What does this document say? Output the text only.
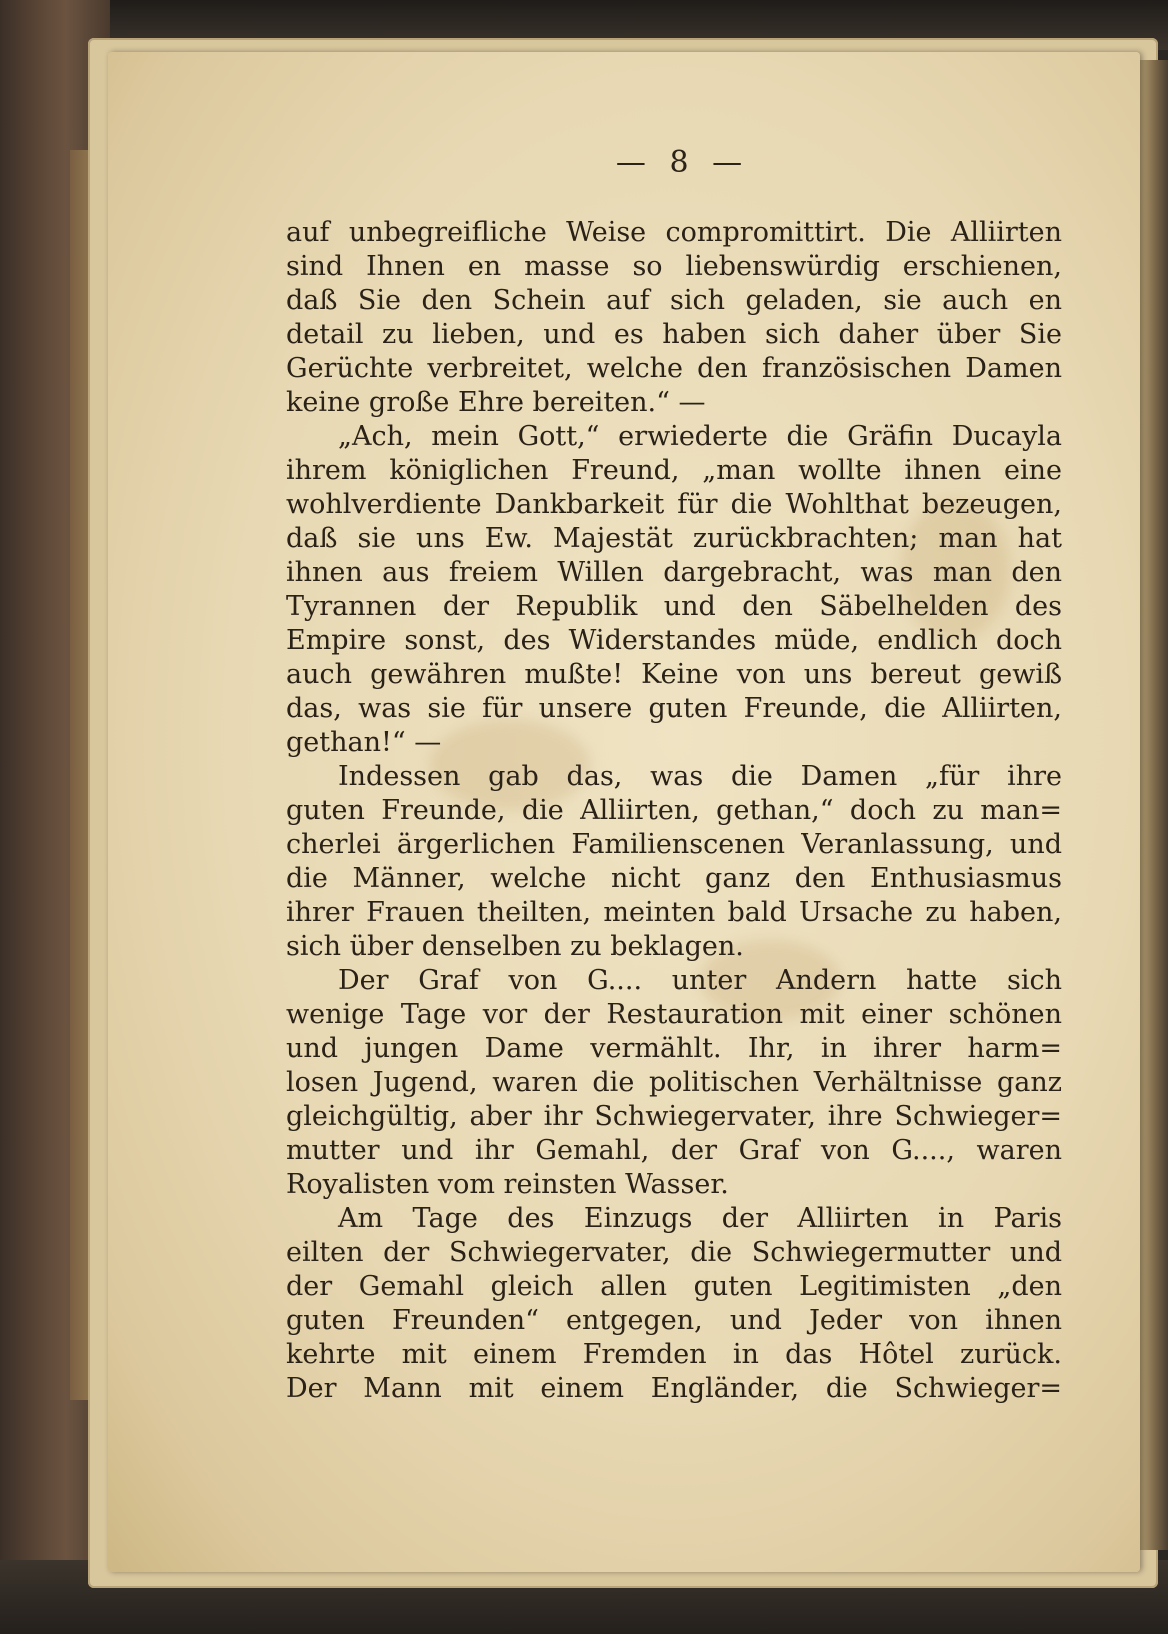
— 8 —
auf unbegreifliche Weise compromittirt. Die Alliirten
sind Ihnen en masse so liebenswürdig erschienen,
daß Sie den Schein auf sich geladen, sie auch en
detail zu lieben, und es haben sich daher über Sie
Gerüchte verbreitet, welche den französischen Damen
keine große Ehre bereiten.“ —
„Ach, mein Gott,“ erwiederte die Gräfin Ducayla
ihrem königlichen Freund, „man wollte ihnen eine
wohlverdiente Dankbarkeit für die Wohlthat bezeugen,
daß sie uns Ew. Majestät zurückbrachten; man hat
ihnen aus freiem Willen dargebracht, was man den
Tyrannen der Republik und den Säbelhelden des
Empire sonst, des Widerstandes müde, endlich doch
auch gewähren mußte! Keine von uns bereut gewiß
das, was sie für unsere guten Freunde, die Alliirten,
gethan!“ —
Indessen gab das, was die Damen „für ihre
guten Freunde, die Alliirten, gethan,“ doch zu man=
cherlei ärgerlichen Familienscenen Veranlassung, und
die Männer, welche nicht ganz den Enthusiasmus
ihrer Frauen theilten, meinten bald Ursache zu haben,
sich über denselben zu beklagen.
Der Graf von G.... unter Andern hatte sich
wenige Tage vor der Restauration mit einer schönen
und jungen Dame vermählt. Ihr, in ihrer harm=
losen Jugend, waren die politischen Verhältnisse ganz
gleichgültig, aber ihr Schwiegervater, ihre Schwieger=
mutter und ihr Gemahl, der Graf von G...., waren
Royalisten vom reinsten Wasser.
Am Tage des Einzugs der Alliirten in Paris
eilten der Schwiegervater, die Schwiegermutter und
der Gemahl gleich allen guten Legitimisten „den
guten Freunden“ entgegen, und Jeder von ihnen
kehrte mit einem Fremden in das Hôtel zurück.
Der Mann mit einem Engländer, die Schwieger=
